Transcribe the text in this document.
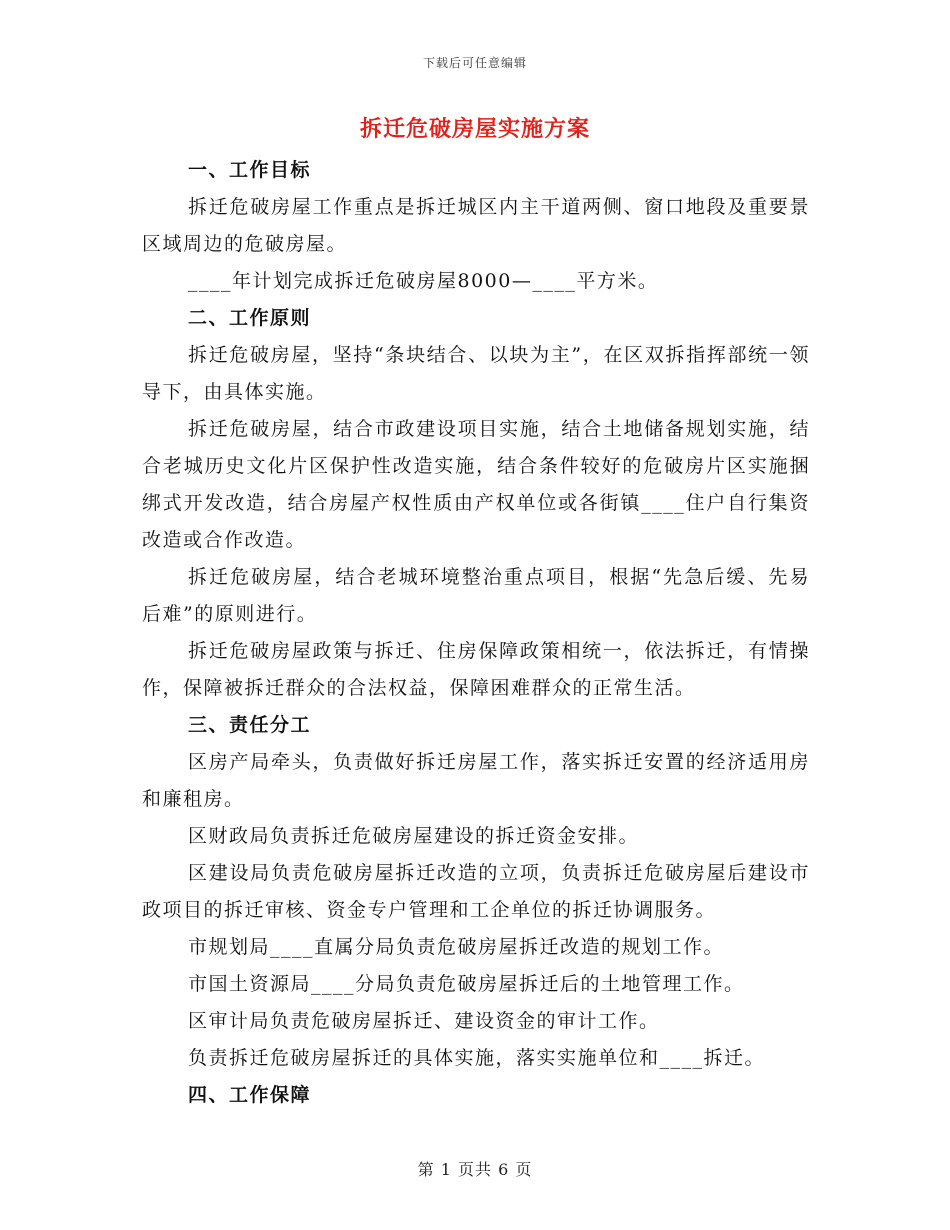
下载后可任意编辑
拆迁危破房屋实施方案

一、工作目标

拆迁危破房屋工作重点是拆迁城区内主干道两侧、窗口地段及重要景区域周边的危破房屋。

____年计划完成拆迁危破房屋8000—____平方米。

二、工作原则

拆迁危破房屋，坚持“条块结合、以块为主”，在区双拆指挥部统一领导下，由具体实施。

拆迁危破房屋，结合市政建设项目实施，结合土地储备规划实施，结合老城历史文化片区保护性改造实施，结合条件较好的危破房片区实施捆绑式开发改造，结合房屋产权性质由产权单位或各街镇____住户自行集资改造或合作改造。

拆迁危破房屋，结合老城环境整治重点项目，根据“先急后缓、先易后难”的原则进行。

拆迁危破房屋政策与拆迁、住房保障政策相统一，依法拆迁，有情操作，保障被拆迁群众的合法权益，保障困难群众的正常生活。

三、责任分工

区房产局牵头，负责做好拆迁房屋工作，落实拆迁安置的经济适用房和廉租房。

区财政局负责拆迁危破房屋建设的拆迁资金安排。

区建设局负责危破房屋拆迁改造的立项，负责拆迁危破房屋后建设市政项目的拆迁审核、资金专户管理和工企单位的拆迁协调服务。

市规划局____直属分局负责危破房屋拆迁改造的规划工作。

市国土资源局____分局负责危破房屋拆迁后的土地管理工作。

区审计局负责危破房屋拆迁、建设资金的审计工作。

负责拆迁危破房屋拆迁的具体实施，落实实施单位和____拆迁。

四、工作保障

第 1 页共 6 页
